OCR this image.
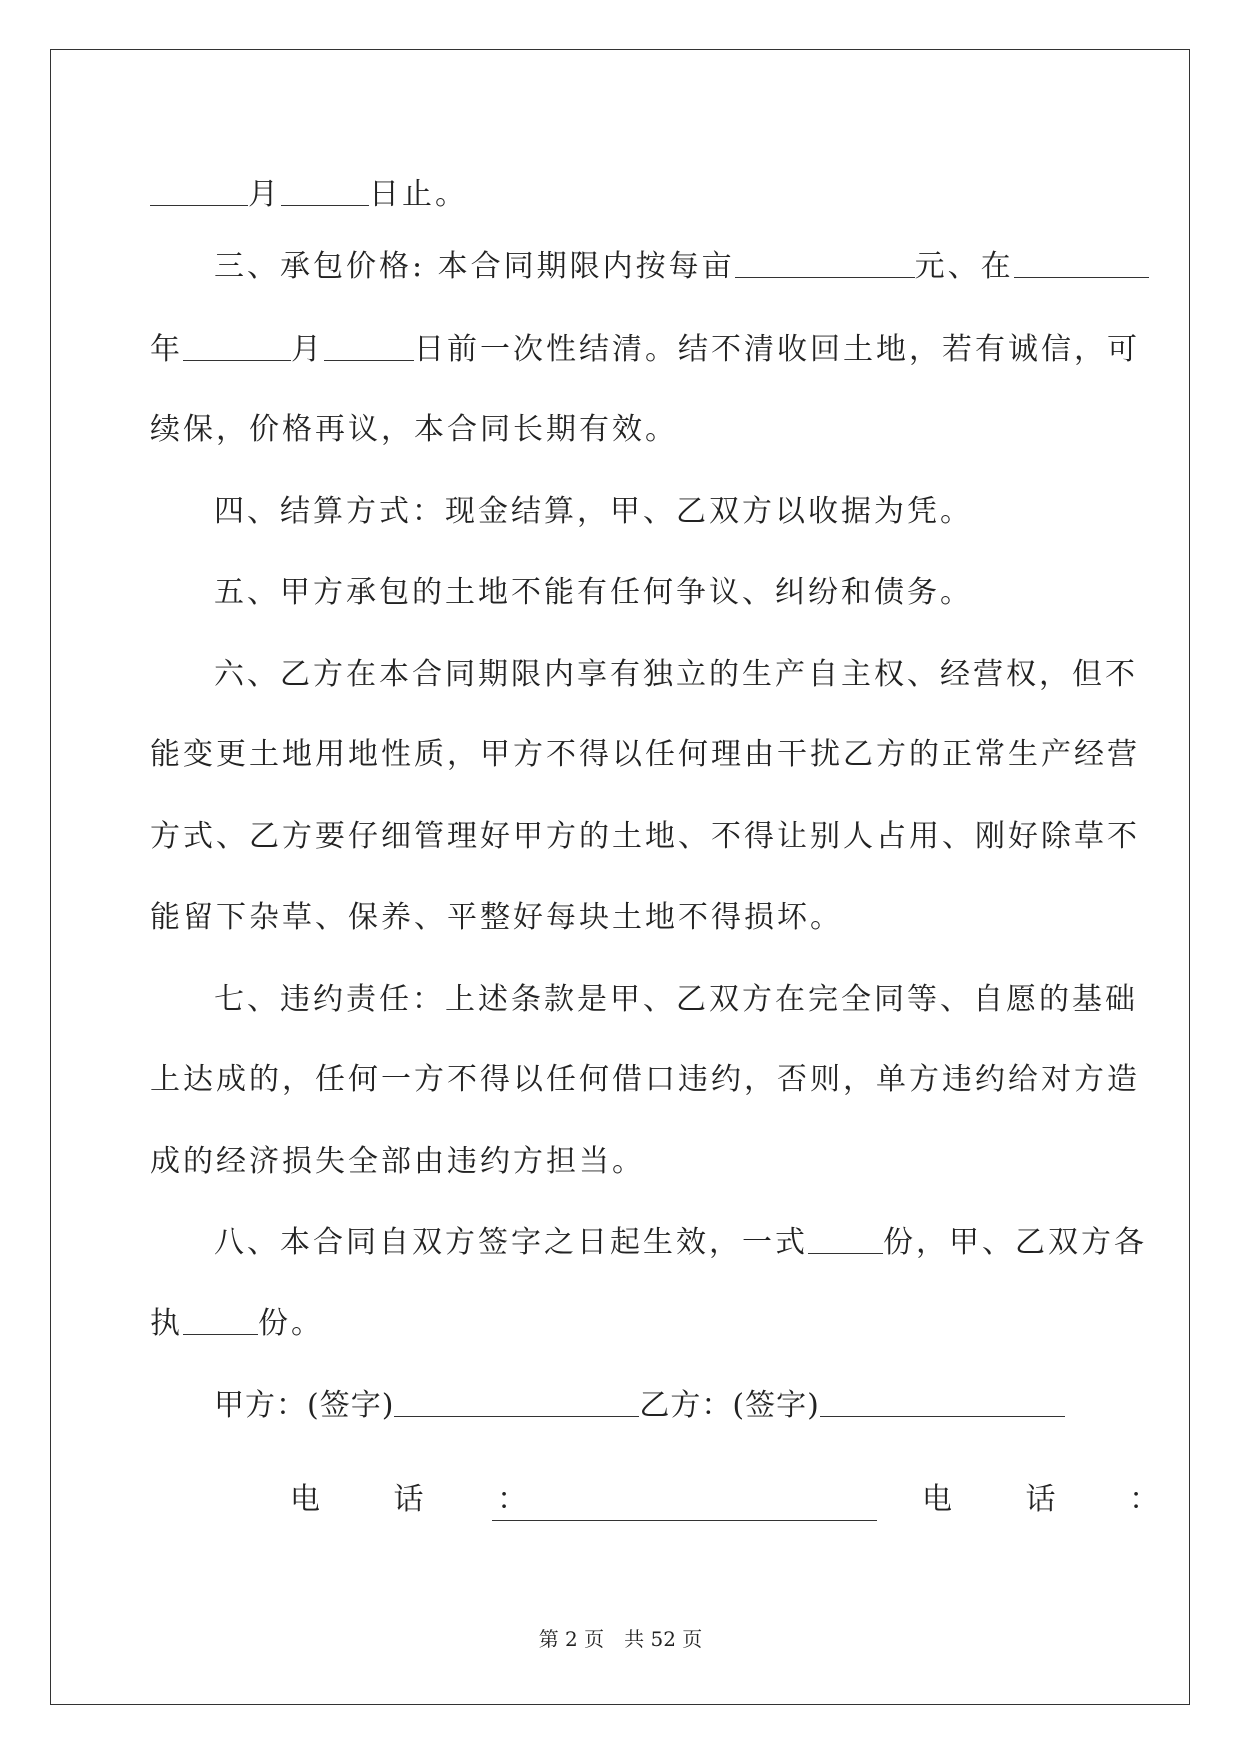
月	日止。
三、承包价格: 本合同期限内按每亩	元、在
年	月	日前一次性结清。结不清收回土地，若有诚信，可
续保，价格再议，本合同长期有效。
四、结算方式：现金结算，甲、乙双方以收据为凭。
五、甲方承包的土地不能有任何争议、纠纷和债务。
六、乙方在本合同期限内享有独立的生产自主权、经营权，但不
能变更土地用地性质，甲方不得以任何理由干扰乙方的正常生产经营
方式、乙方要仔细管理好甲方的土地、不得让别人占用、刚好除草不
能留下杂草、保养、平整好每块土地不得损坏。
七、违约责任：上述条款是甲、乙双方在完全同等、自愿的基础
上达成的，任何一方不得以任何借口违约，否则，单方违约给对方造
成的经济损失全部由违约方担当。
八、本合同自双方签字之日起生效，一式	份，甲、乙双方各
执	份。
甲方：(签字)	乙方：(签字)
电 话 ：	电 话 ：
第 2 页　共 52 页
